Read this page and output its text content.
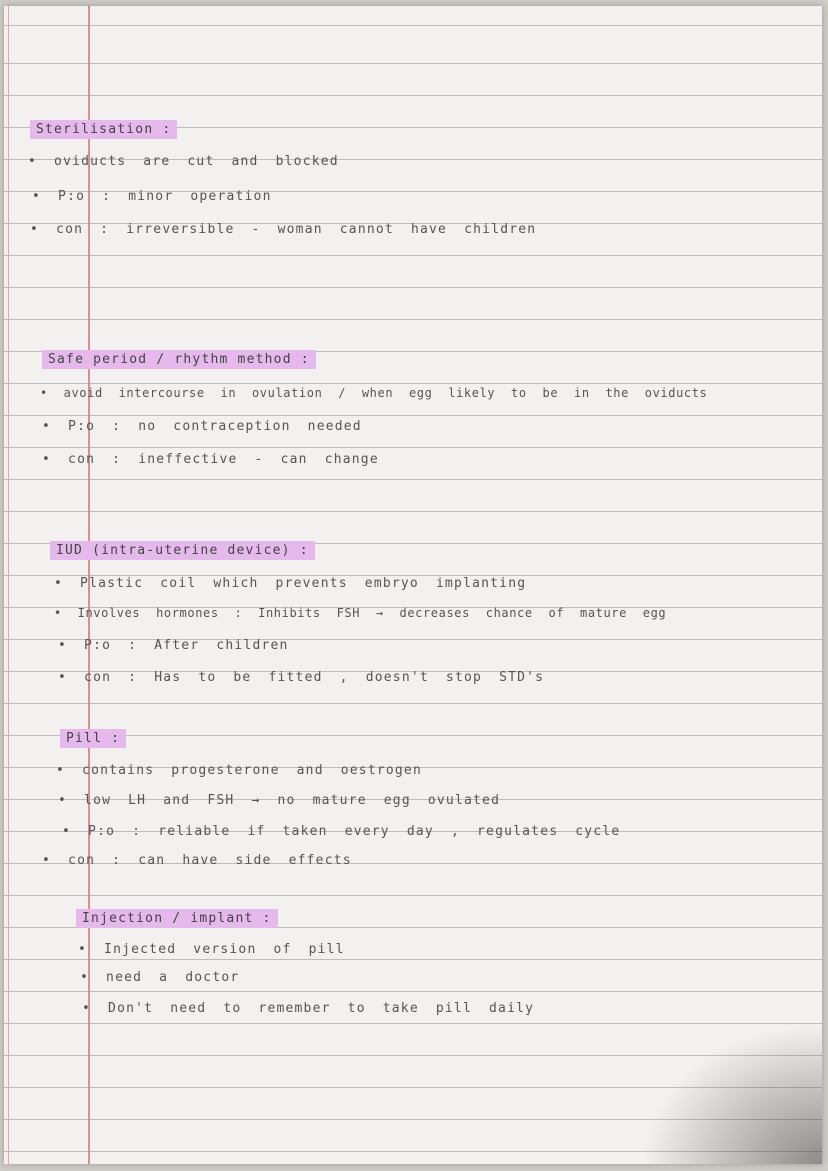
Sterilisation :
• oviducts are cut and blocked
• P:o : minor operation
• con : irreversible - woman cannot have children
Safe period / rhythm method :
• avoid intercourse in ovulation / when egg likely to be in the oviducts
• P:o : no contraception needed
• con : ineffective - can change
IUD (intra-uterine device) :
• Plastic coil which prevents embryo implanting
• Involves hormones : Inhibits FSH → decreases chance of mature egg
• P:o : After children
• con : Has to be fitted , doesn't stop STD's
Pill :
• contains progesterone and oestrogen
• low LH and FSH → no mature egg ovulated
• P:o : reliable if taken every day , regulates cycle
• con : can have side effects
Injection / implant :
• Injected version of pill
• need a doctor
• Don't need to remember to take pill daily
